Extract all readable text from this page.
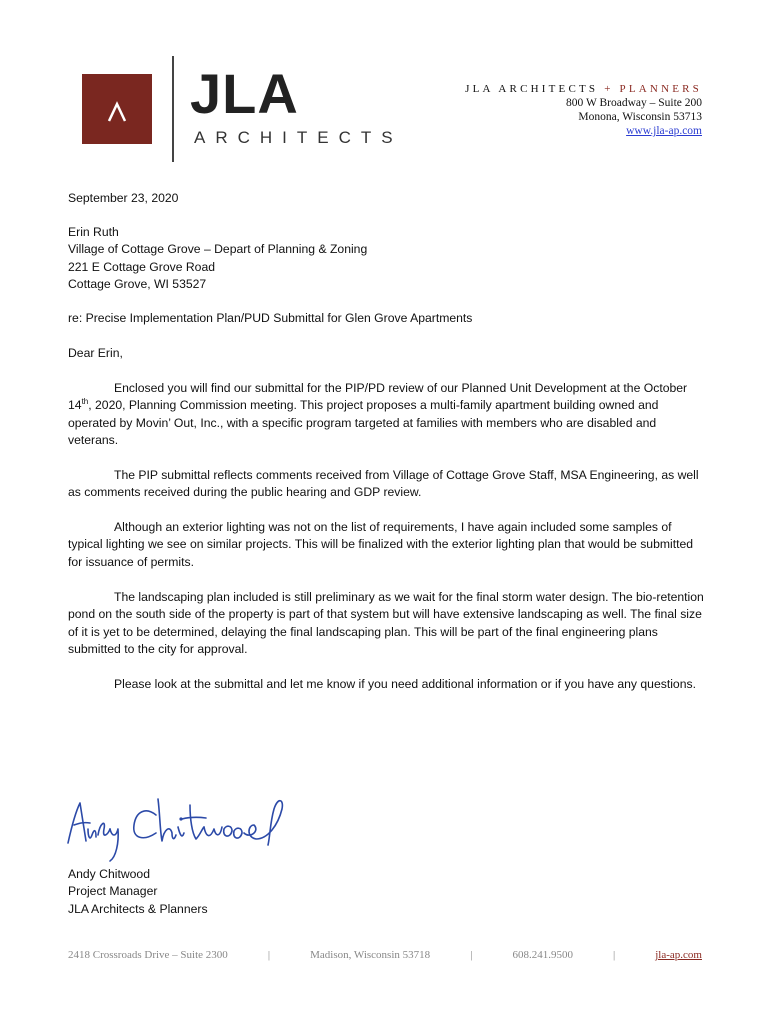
JLA
ARCHITECTS
JLA ARCHITECTS + PLANNERS
800 W Broadway – Suite 200
Monona, Wisconsin 53713
www.jla-ap.com
September 23, 2020
Erin Ruth
Village of Cottage Grove – Depart of Planning & Zoning
221 E Cottage Grove Road
Cottage Grove, WI 53527
re: Precise Implementation Plan/PUD Submittal for Glen Grove Apartments
Dear Erin,
Enclosed you will find our submittal for the PIP/PD review of our Planned Unit Development at the October 14th, 2020, Planning Commission meeting. This project proposes a multi-family apartment building owned and operated by Movin’ Out, Inc., with a specific program targeted at families with members who are disabled and veterans.
The PIP submittal reflects comments received from Village of Cottage Grove Staff, MSA Engineering, as well as comments received during the public hearing and GDP review.
Although an exterior lighting was not on the list of requirements, I have again included some samples of typical lighting we see on similar projects. This will be finalized with the exterior lighting plan that would be submitted for issuance of permits.
The landscaping plan included is still preliminary as we wait for the final storm water design. The bio-retention pond on the south side of the property is part of that system but will have extensive landscaping as well. The final size of it is yet to be determined, delaying the final landscaping plan. This will be part of the final engineering plans submitted to the city for approval.
Please look at the submittal and let me know if you need additional information or if you have any questions.
Andy Chitwood
Project Manager
JLA Architects & Planners
2418 Crossroads Drive – Suite 2300	|	Madison, Wisconsin 53718	|	608.241.9500	|	jla-ap.com
